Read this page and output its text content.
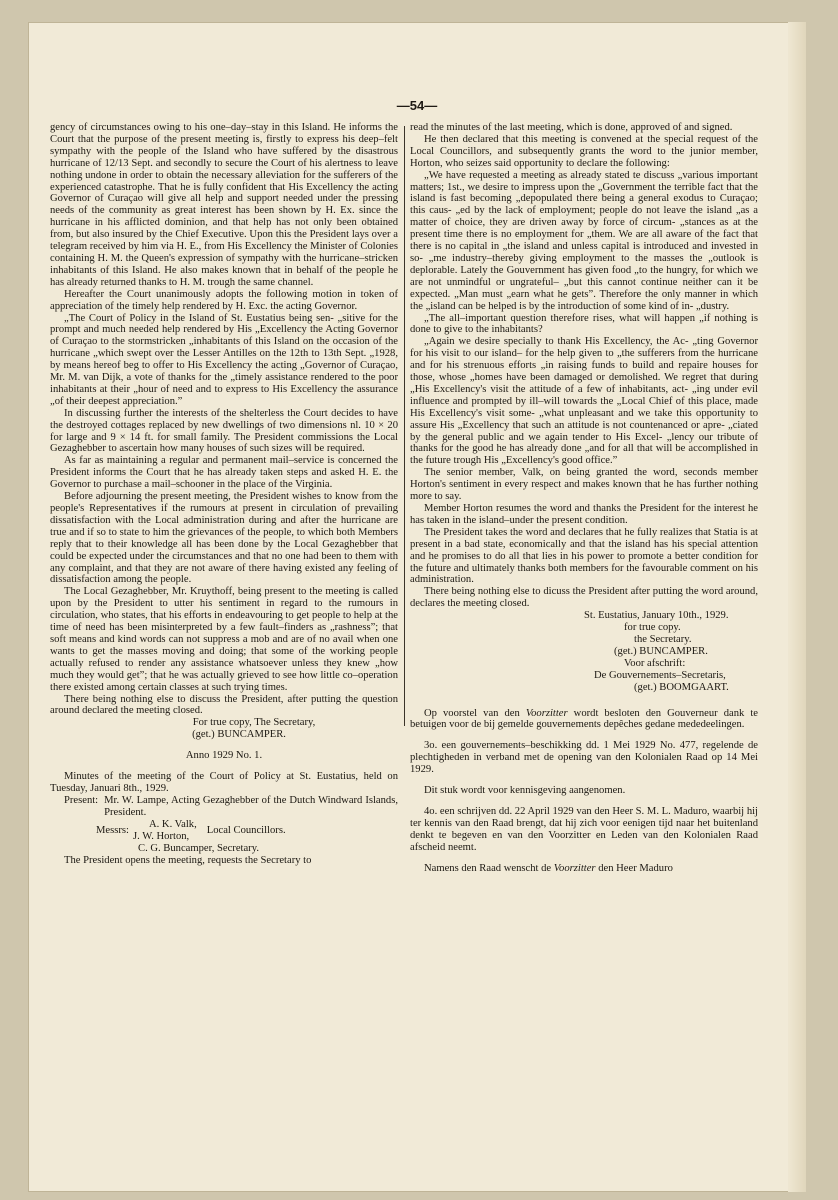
—54—

gency of circumstances owing to his one–day–stay in this Island. He informs the Court that the purpose of the present meeting is, firstly to express his deep–felt sympathy with the people of the Island who have suffered by the disastrous hurricane of 12/13 Sept. and secondly to secure the Court of his alertness to leave nothing undone in order to obtain the necessary alleviation for the sufferers of the experienced catastrophe. That he is fully confident that His Excellency the acting Governor of Curaçao will give all help and support needed under the pressing needs of the community as great interest has been shown by H. Ex. since the hurricane in his afflicted dominion, and that help has not only been obtained from, but also insured by the Chief Executive. Upon this the President lays over a telegram received by him via H. E., from His Excellency the Minister of Colonies containing H. M. the Queen's expression of sympathy with the hurricane–stricken inhabitants of this Island. He also makes known that in behalf of the people he has already returned thanks to H. M. trough the same channel.

Hereafter the Court unanimously adopts the following motion in token of appreciation of the timely help rendered by H. Exc. the acting Governor.

„The Court of Policy in the Island of St. Eustatius being sen- „sitive for the prompt and much needed help rendered by His „Excellency the Acting Governor of Curaçao to the stormstricken „inhabitants of this Island on the occasion of the hurricane „which swept over the Lesser Antilles on the 12th to 13th Sept. „1928, by means hereof beg to offer to His Excellency the acting „Governor of Curaçao, Mr. M. van Dijk, a vote of thanks for the „timely assistance rendered to the poor inhabitants at their „hour of need and to express to His Excellency the assurance „of their deepest appreciation.”

In discussing further the interests of the shelterless the Court decides to have the destroyed cottages replaced by new dwellings of two dimensions nl. 10 × 20 for large and 9 × 14 ft. for small family. The President commissions the Local Gezaghebber to ascertain how many houses of such sizes will be required.

As far as maintaining a regular and permanent mail–service is concerned the President informs the Court that he has already taken steps and asked H. E. the Governor to purchase a mail–schooner in the place of the Virginia.

Before adjourning the present meeting, the President wishes to know from the people's Representatives if the rumours at present in circulation of prevailing dissatisfaction with the Local administration during and after the hurricane are true and if so to state to him the grievances of the people, to which both Members reply that to their knowledge all has been done by the Local Gezaghebber that could be expected under the circumstances and that no one had been to them with any complaint, and that they are not aware of there having existed any feeling of dissatisfaction among the people.

The Local Gezaghebber, Mr. Kruythoff, being present to the meeting is called upon by the President to utter his sentiment in regard to the rumours in circulation, who states, that his efforts in endeavouring to get people to help at the time of need has been misinterpreted by a few fault–finders as „rashness”; that soft means and kind words can not suppress a mob and are of no avail when one wants to get the masses moving and doing; that some of the working people actually refused to render any assistance whatsoever unless they knew „how much they would get”; that he was actually grieved to see how little co–operation there existed among certain classes at such trying times.

There being nothing else to discuss the President, after putting the question around declared the meeting closed.

For true copy, The Secretary,

(get.) BUNCAMPER.

Anno 1929 No. 1.

Minutes of the meeting of the Court of Policy at St. Eustatius, held on Tuesday, Januari 8th., 1929.

Present:	Mr. W. Lampe, Acting Gezaghebber of the Dutch Windward Islands, President.
Messrs:	A. K. Valk,	Local Councillors.
J. W. Horton,

C. G. Buncamper, Secretary.

The President opens the meeting, requests the Secretary to

read the minutes of the last meeting, which is done, approved of and signed.

He then declared that this meeting is convened at the special request of the Local Councillors, and subsequently grants the word to the junior member, Horton, who seizes said opportunity to declare the following:

„We have requested a meeting as already stated te discuss „various important matters; 1st., we desire to impress upon the „Government the terrible fact that the island is fast becoming „depopulated there being a general exodus to Curaçao; this caus- „ed by the lack of employment; people do not leave the island „as a matter of choice, they are driven away by force of circum- „stances as at the present time there is no employment for „them. We are all aware of the fact that there is no capital in „the island and unless capital is introduced and invested in so- „me industry–thereby giving employment to the masses the „outlook is deplorable. Lately the Gouvernment has given food „to the hungry, for which we are not unmindful or ungrateful– „but this cannot continue neither can it be expected. „Man must „earn what he gets”. Therefore the only manner in which the „island can be helped is by the introduction of some kind of in- „dustry.

„The all–important question therefore rises, what will happen „if nothing is done to give to the inhabitants?

„Again we desire specially to thank His Excellency, the Ac- „ting Governor for his visit to our island– for the help given to „the sufferers from the hurricane and for his strenuous efforts „in raising funds to build and repaire houses for those, whose „homes have been damaged or demolished. We regret that during „His Excellency's visit the attitude of a few of inhabitants, act- „ing under evil influence and prompted by ill–will towards the „Local Chief of this place, made His Excellency's visit some- „what unpleasant and we take this opportunity to assure His „Excellency that such an attitude is not countenanced or apre- „ciated by the general public and we again tender to His Excel- „lency our tribute of thanks for the good he has already done „and for all that will be accomplished in the future trough His „Excellency's good office.”

The senior member, Valk, on being granted the word, seconds member Horton's sentiment in every respect and makes known that he has further nothing more to say.

Member Horton resumes the word and thanks the President for the interest he has taken in the island–under the present condition.

The President takes the word and declares that he fully realizes that Statia is at present in a bad state, economically and that the island has his special attention and he promises to do all that lies in his power to promote a better condition for the future and ultimately thanks both members for the favourable comment on his administration.

There being nothing else to dicuss the President after putting the word around, declares the meeting closed.

St. Eustatius, January 10th., 1929.

for true copy.

the Secretary.

(get.) BUNCAMPER.

Voor afschrift:

De Gouvernements–Secretaris,

(get.) BOOMGAART.

Op voorstel van den Voorzitter wordt besloten den Gouverneur dank te betuigen voor de bij gemelde gouvernements depêches gedane mededeelingen.

3o. een gouvernements–beschikking dd. 1 Mei 1929 No. 477, regelende de plechtigheden in verband met de opening van den Kolonialen Raad op 14 Mei 1929.

Dit stuk wordt voor kennisgeving aangenomen.

4o. een schrijven dd. 22 April 1929 van den Heer S. M. L. Maduro, waarbij hij ter kennis van den Raad brengt, dat hij zich voor eenigen tijd naar het buitenland denkt te begeven en van den Voorzitter en Leden van den Kolonialen Raad afscheid neemt.

Namens den Raad wenscht de Voorzitter den Heer Maduro
